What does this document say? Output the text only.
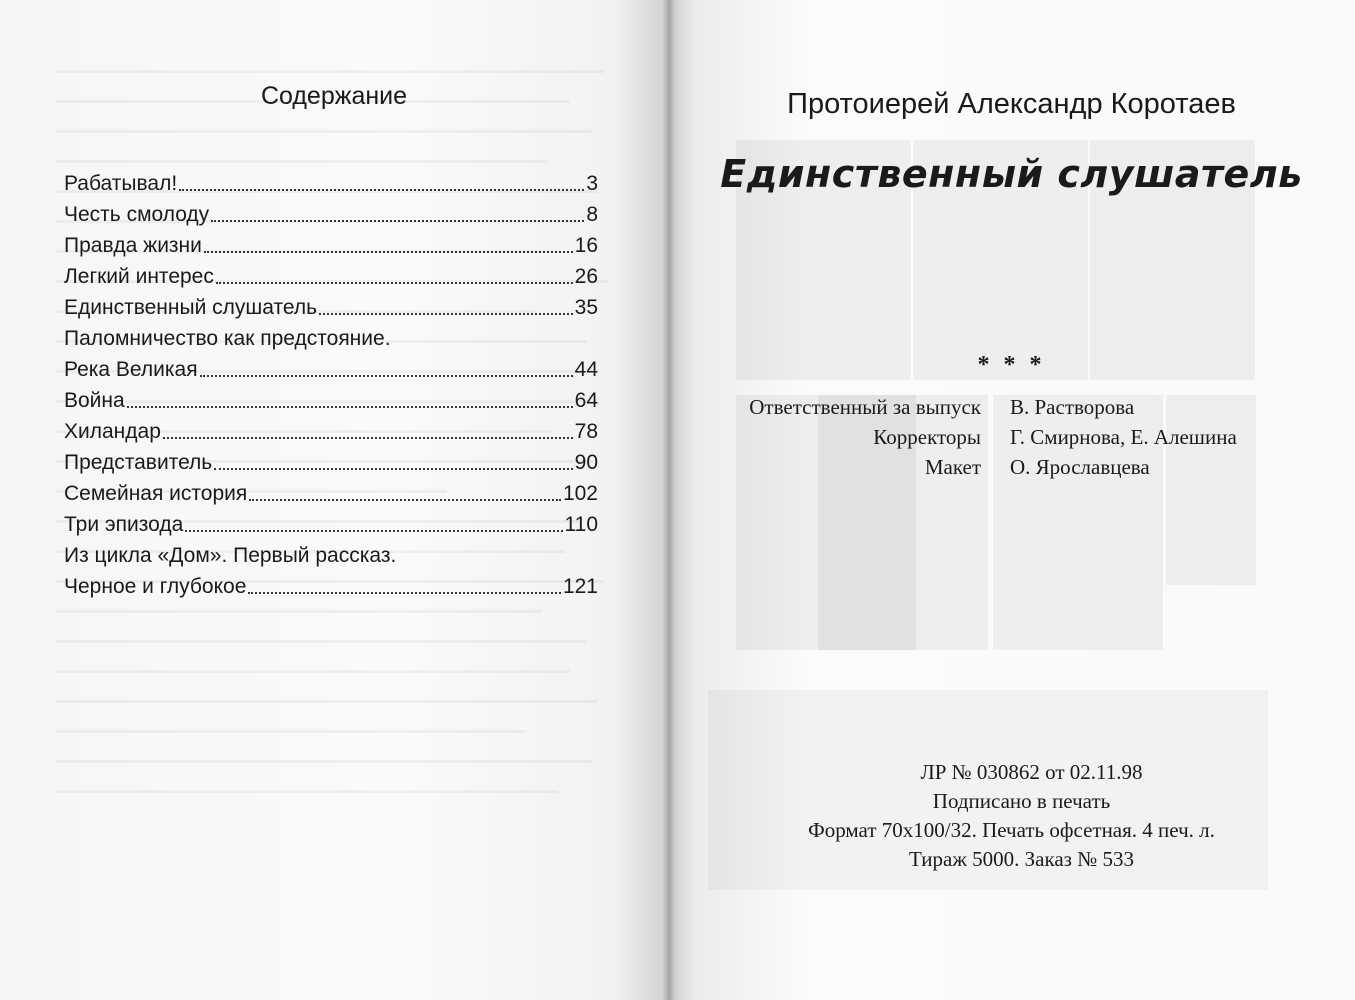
Содержание
Рабатывал!	3
Честь смолоду	8
Правда жизни	16
Легкий интерес	26
Единственный слушатель	35
Паломничество как предстояние.
Река Великая	44
Война	64
Хиландар	78
Представитель	90
Семейная история	102
Три эпизода	110
Из цикла «Дом». Первый рассказ.
Черное и глубокое	121
Протоиерей Александр Коротаев
Единственный слушатель
* * *
Ответственный за выпуск В. Растворова
Корректоры Г. Смирнова, Е. Алешина
Макет О. Ярославцева
ЛР № 030862 от 02.11.98
Подписано в печать
Формат 70x100/32. Печать офсетная. 4 печ. л.
Тираж 5000. Заказ № 533
